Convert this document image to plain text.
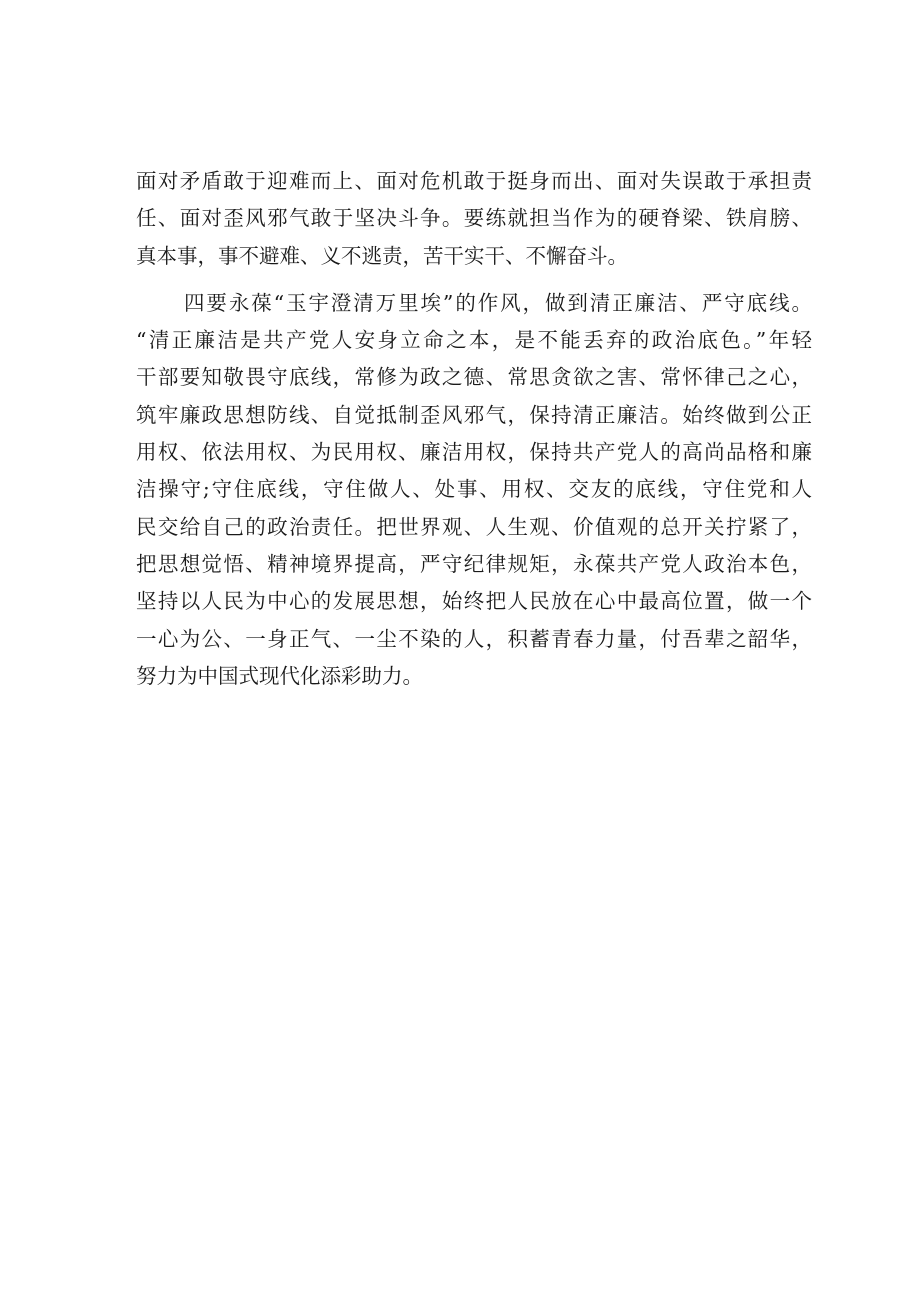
面对矛盾敢于迎难而上、面对危机敢于挺身而出、面对失误敢于承担责
任、面对歪风邪气敢于坚决斗争。要练就担当作为的硬脊梁、铁肩膀、
真本事，事不避难、义不逃责，苦干实干、不懈奋斗。
四要永葆“玉宇澄清万里埃”的作风，做到清正廉洁、严守底线。
“清正廉洁是共产党人安身立命之本，是不能丢弃的政治底色。”年轻
干部要知敬畏守底线，常修为政之德、常思贪欲之害、常怀律己之心，
筑牢廉政思想防线、自觉抵制歪风邪气，保持清正廉洁。始终做到公正
用权、依法用权、为民用权、廉洁用权，保持共产党人的高尚品格和廉
洁操守;守住底线，守住做人、处事、用权、交友的底线，守住党和人
民交给自己的政治责任。把世界观、人生观、价值观的总开关拧紧了，
把思想觉悟、精神境界提高，严守纪律规矩，永葆共产党人政治本色，
坚持以人民为中心的发展思想，始终把人民放在心中最高位置，做一个
一心为公、一身正气、一尘不染的人，积蓄青春力量，付吾辈之韶华，
努力为中国式现代化添彩助力。
